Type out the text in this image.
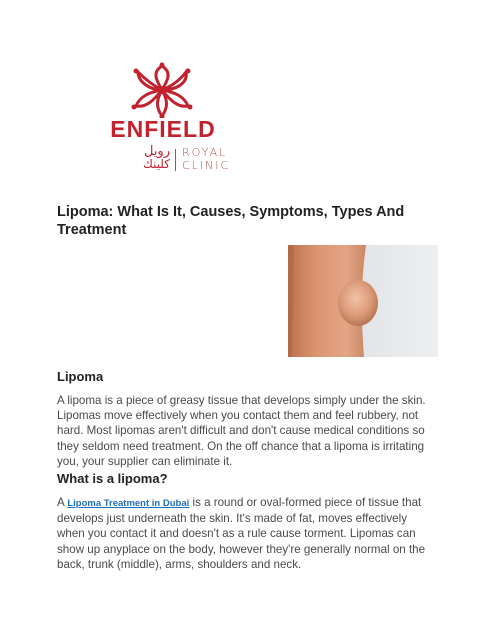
ENFIELD
رويل
كلينك
ROYAL
CLINIC
Lipoma: What Is It, Causes, Symptoms, Types And Treatment
Lipoma

A lipoma is a piece of greasy tissue that develops simply under the skin. Lipomas move effectively when you contact them and feel rubbery, not hard. Most lipomas aren't difficult and don't cause medical conditions so they seldom need treatment. On the off chance that a lipoma is irritating you, your supplier can eliminate it.

What is a lipoma?

A Lipoma Treatment in Dubai is a round or oval-formed piece of tissue that develops just underneath the skin. It's made of fat, moves effectively when you contact it and doesn't as a rule cause torment. Lipomas can show up anyplace on the body, however they're generally normal on the back, trunk (middle), arms, shoulders and neck.
